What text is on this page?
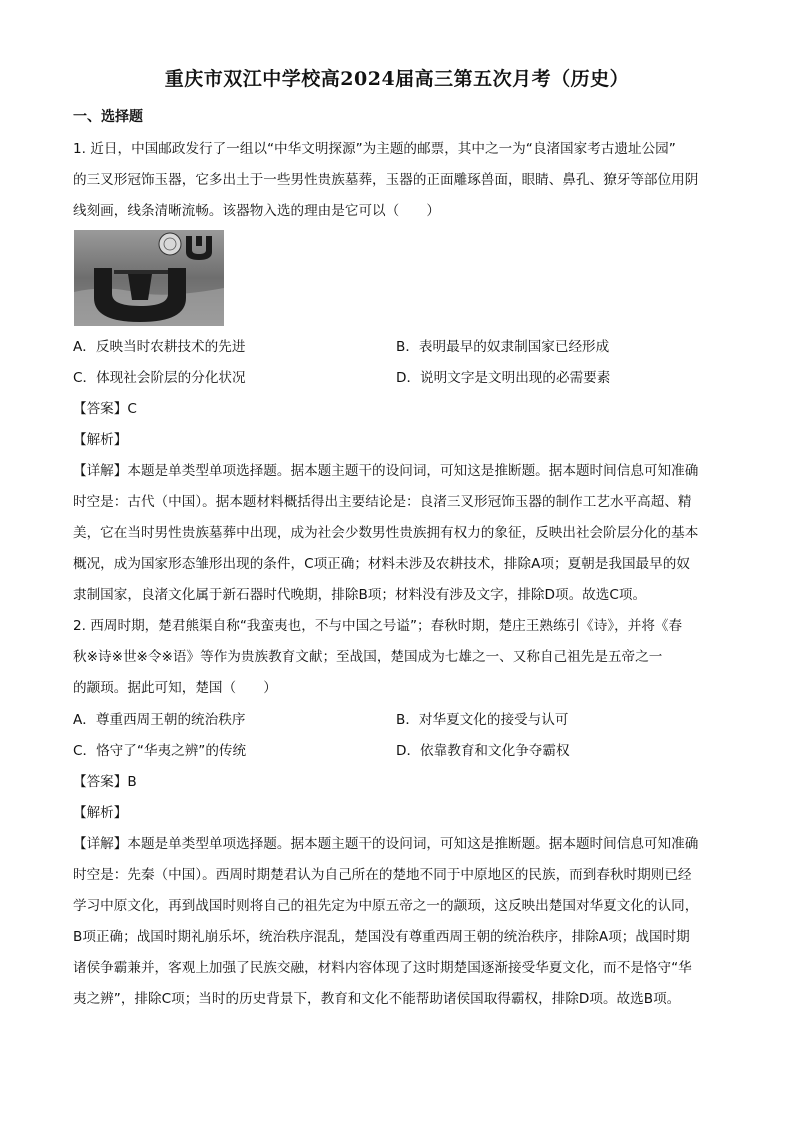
重庆市双江中学校高2024届高三第五次月考（历史）
一、选择题

1. 近日，中国邮政发行了一组以“中华文明探源”为主题的邮票，其中之一为“良渚国家考古遗址公园”

的三叉形冠饰玉器，它多出土于一些男性贵族墓葬，玉器的正面雕琢兽面，眼睛、鼻孔、獠牙等部位用阴

线刻画，线条清晰流畅。该器物入选的理由是它可以（　　）

A．反映当时农耕技术的先进	B．表明最早的奴隶制国家已经形成
C．体现社会阶层的分化状况	D．说明文字是文明出现的必需要素
【答案】C
【解析】

【详解】本题是单类型单项选择题。据本题主题干的设问词，可知这是推断题。据本题时间信息可知准确

时空是：古代（中国）。据本题材料概括得出主要结论是：良渚三叉形冠饰玉器的制作工艺水平高超、精

美，它在当时男性贵族墓葬中出现，成为社会少数男性贵族拥有权力的象征，反映出社会阶层分化的基本

概况，成为国家形态雏形出现的条件，C项正确；材料未涉及农耕技术，排除A项；夏朝是我国最早的奴

隶制国家，良渚文化属于新石器时代晚期，排除B项；材料没有涉及文字，排除D项。故选C项。

2. 西周时期，楚君熊渠自称“我蛮夷也，不与中国之号谥”；春秋时期，楚庄王熟练引《诗》，并将《春

秋※诗※世※令※语》等作为贵族教育文献；至战国，楚国成为七雄之一、又称自己祖先是五帝之一

的颛顼。据此可知，楚国（　　）

A．尊重西周王朝的统治秩序	B．对华夏文化的接受与认可
C．恪守了“华夷之辨”的传统	D．依靠教育和文化争夺霸权
【答案】B
【解析】

【详解】本题是单类型单项选择题。据本题主题干的设问词，可知这是推断题。据本题时间信息可知准确

时空是：先秦（中国）。西周时期楚君认为自己所在的楚地不同于中原地区的民族，而到春秋时期则已经

学习中原文化，再到战国时则将自己的祖先定为中原五帝之一的颛顼，这反映出楚国对华夏文化的认同，

B项正确；战国时期礼崩乐坏，统治秩序混乱，楚国没有尊重西周王朝的统治秩序，排除A项；战国时期

诸侯争霸兼并，客观上加强了民族交融，材料内容体现了这时期楚国逐渐接受华夏文化，而不是恪守“华

夷之辨”，排除C项；当时的历史背景下，教育和文化不能帮助诸侯国取得霸权，排除D项。故选B项。
